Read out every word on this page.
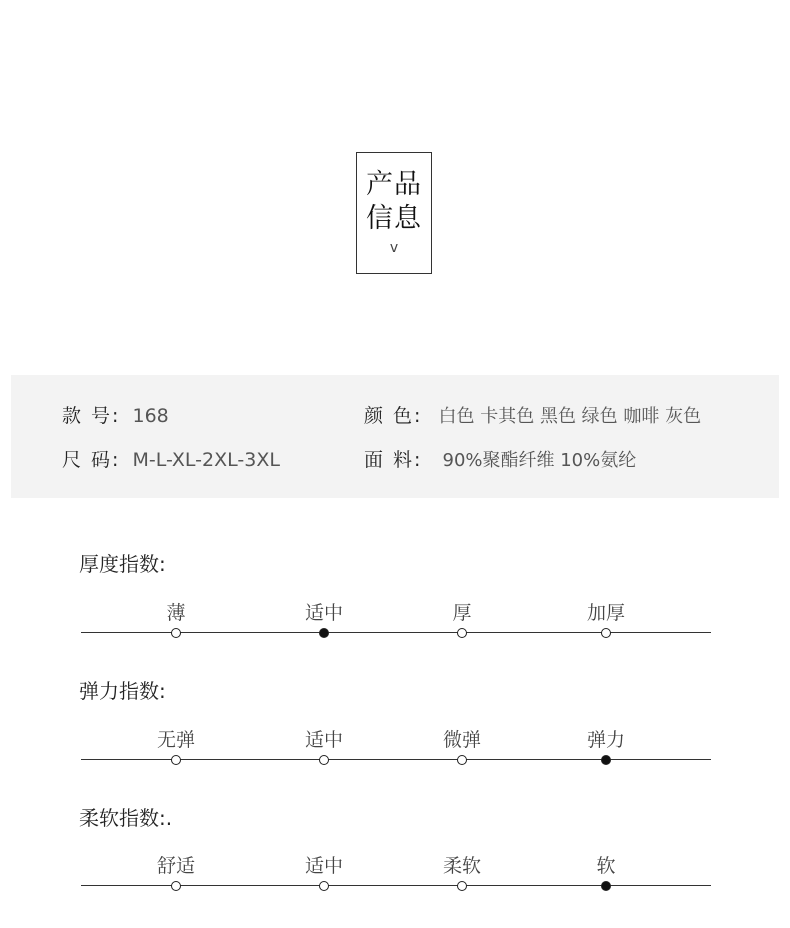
产品
信息
v
款 号: 168	颜 色: 白色 卡其色 黑色 绿色 咖啡 灰色
尺 码: M-L-XL-2XL-3XL	面 料: 90%聚酯纤维 10%氨纶
厚度指数:
薄	适中	厚	加厚
弹力指数:
无弹	适中	微弹	弹力
柔软指数:.
舒适	适中	柔软	软
